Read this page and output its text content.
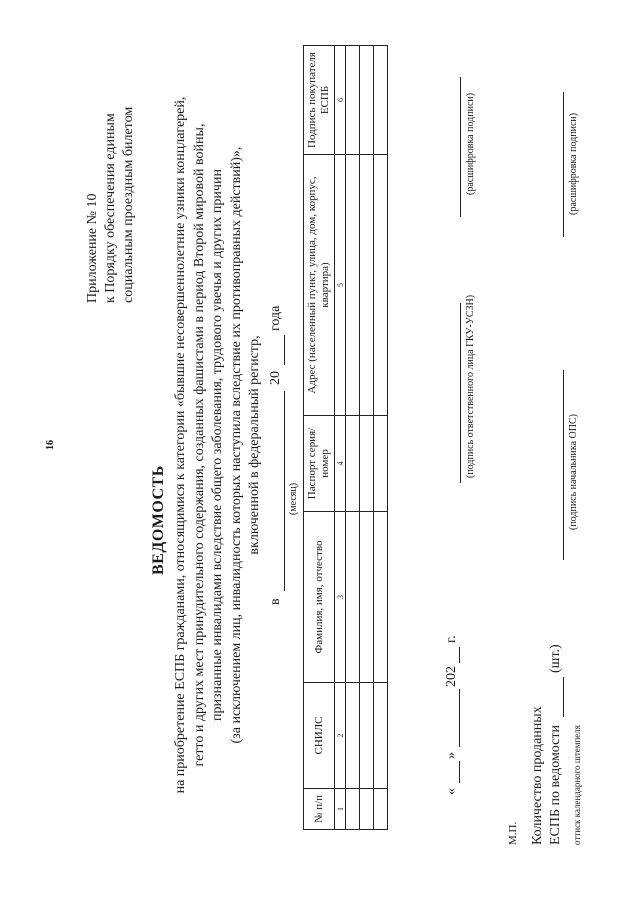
16
Приложение № 10 к Порядку обеспечения единым социальным проездным билетом
ВЕДОМОСТЬ на приобретение ЕСПБ гражданами, относящимися к категории «бывшие несовершеннолетние узники концлагерей, гетто и других мест принудительного содержания, созданных фашистами в период Второй мировой войны, признанные инвалидами вследствие общего заболевания, трудового увечья и других причин (за исключением лиц, инвалидность которых наступила вследствие их противоправных действий)», включенной в федеральный регистр,
в
(месяц)
20
года
№ п/п	СНИЛС	Фамилия, имя, отчество	Паспорт серия/номер	Адрес (населенный пункт, улица, дом, корпус, квартира)	Подпись покупателя ЕСПБ
1	2	3	4	5	6

«
»
202
г.
(подпись ответственного лица ГКУ-УСЗН)
(расшифровка подписи)
М.П. Количество проданных ЕСПБ по ведомости
(шт.)
оттиск календарного штемпеля
(подпись начальника ОПС)
(расшифровка подписи)
